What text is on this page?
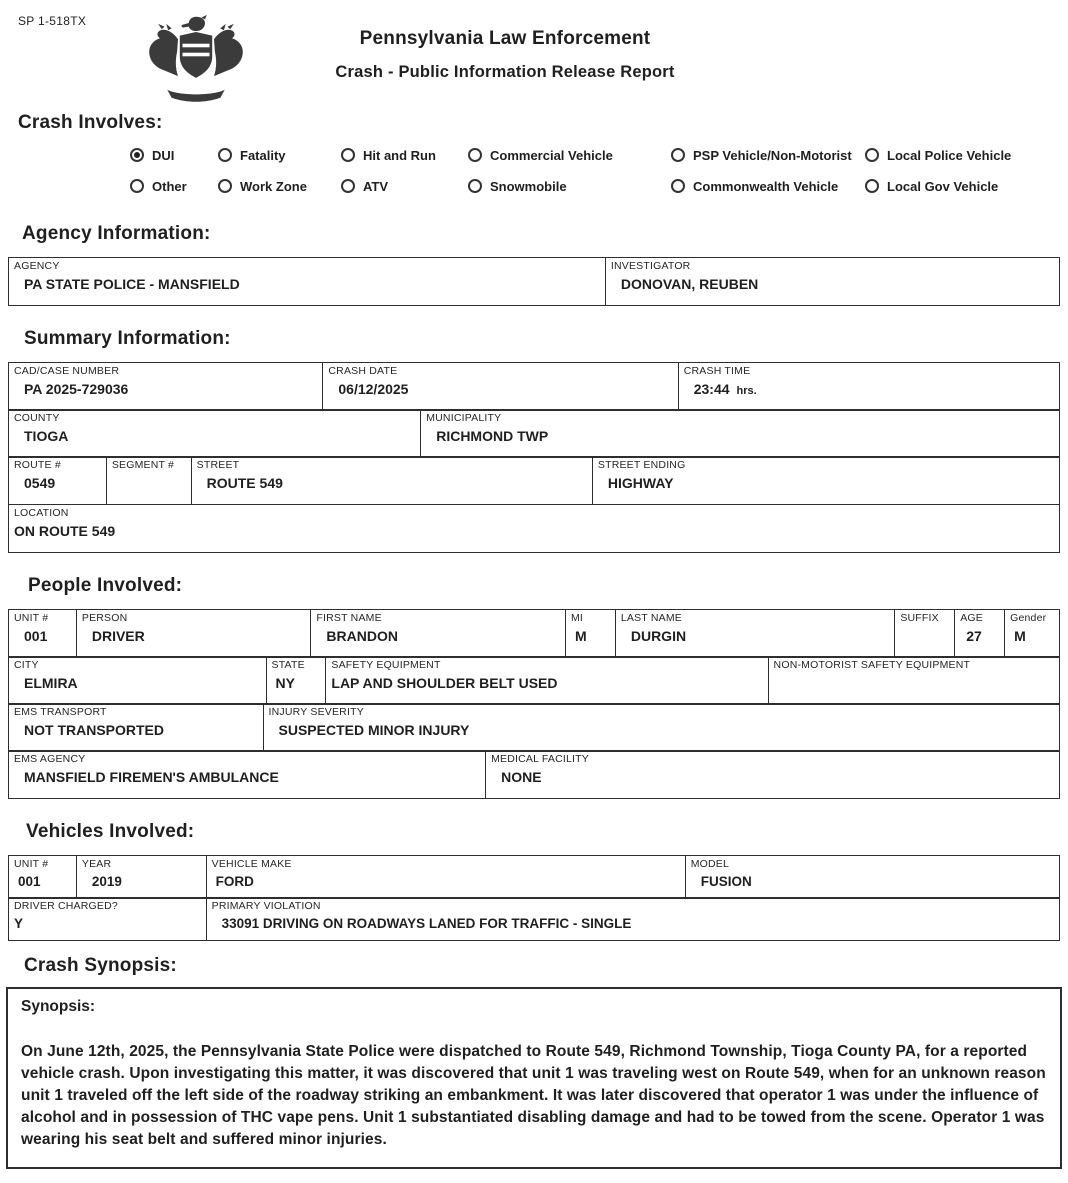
SP 1-518TX
Pennsylvania Law Enforcement
Crash - Public Information Release Report
Crash Involves:
DUI
Other
Fatality
Work Zone
Hit and Run
ATV
Commercial Vehicle
Snowmobile
PSP Vehicle/Non-Motorist
Commonwealth Vehicle
Local Police Vehicle
Local Gov Vehicle
Agency Information:
AGENCY
PA STATE POLICE - MANSFIELD
INVESTIGATOR
DONOVAN, REUBEN
Summary Information:
CAD/CASE NUMBER
PA 2025-729036
CRASH DATE
06/12/2025
CRASH TIME
23:44 hrs.
COUNTY
TIOGA
MUNICIPALITY
RICHMOND TWP
ROUTE #
0549
SEGMENT #	STREET
ROUTE 549
STREET ENDING
HIGHWAY
LOCATION
ON ROUTE 549
People Involved:
UNIT #
001
PERSON
DRIVER
FIRST NAME
BRANDON
MI
M
LAST NAME
DURGIN
SUFFIX	AGE
27
Gender
M
CITY
ELMIRA
STATE
NY
SAFETY EQUIPMENT
LAP AND SHOULDER BELT USED
NON-MOTORIST SAFETY EQUIPMENT
EMS TRANSPORT
NOT TRANSPORTED
INJURY SEVERITY
SUSPECTED MINOR INJURY
EMS AGENCY
MANSFIELD FIREMEN'S AMBULANCE
MEDICAL FACILITY
NONE
Vehicles Involved:
UNIT #
001
YEAR
2019
VEHICLE MAKE
FORD
MODEL
FUSION
DRIVER CHARGED?
Y
PRIMARY VIOLATION
33091 DRIVING ON ROADWAYS LANED FOR TRAFFIC - SINGLE
Crash Synopsis:
Synopsis:
On June 12th, 2025, the Pennsylvania State Police were dispatched to Route 549, Richmond Township, Tioga County PA, for a reported vehicle crash. Upon investigating this matter, it was discovered that unit 1 was traveling west on Route 549, when for an unknown reason unit 1 traveled off the left side of the roadway striking an embankment. It was later discovered that operator 1 was under the influence of alcohol and in possession of THC vape pens. Unit 1 substantiated disabling damage and had to be towed from the scene. Operator 1 was wearing his seat belt and suffered minor injuries.
